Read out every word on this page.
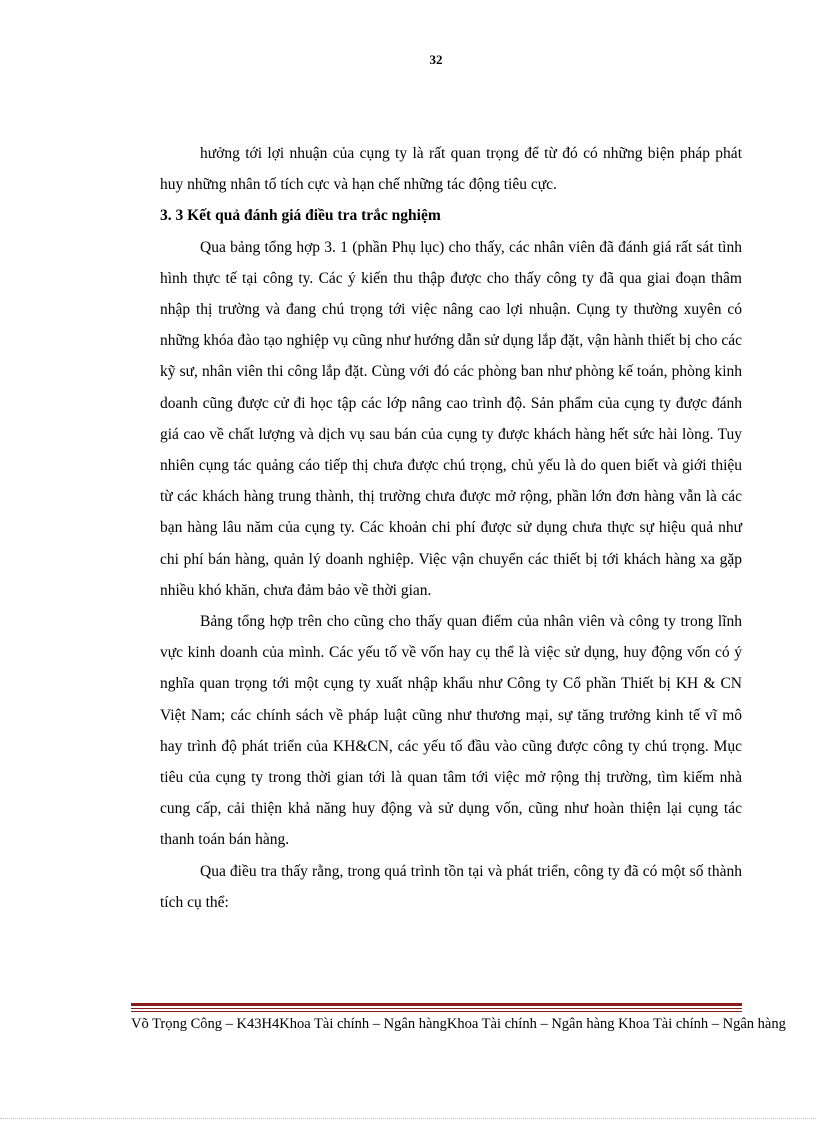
32

hưởng tới lợi nhuận của cụng ty là rất quan trọng để từ đó có những biện pháp phát huy những nhân tố tích cực và hạn chế những tác động tiêu cực.

3. 3 Kết quả đánh giá điều tra trắc nghiệm

Qua bảng tổng hợp 3. 1 (phần Phụ lục) cho thấy, các nhân viên đã đánh giá rất sát tình hình thực tế tại công ty. Các ý kiến thu thập được cho thấy công ty đã qua giai đoạn thâm nhập thị trường và đang chú trọng tới việc nâng cao lợi nhuận. Cụng ty thường xuyên có những khóa đào tạo nghiệp vụ cũng như hướng dẫn sử dụng lắp đặt, vận hành thiết bị cho các kỹ sư, nhân viên thi công lắp đặt. Cùng với đó các phòng ban như phòng kế toán, phòng kinh doanh cũng được cử đi học tập các lớp nâng cao trình độ. Sản phẩm của cụng ty được đánh giá cao về chất lượng và dịch vụ sau bán của cụng ty được khách hàng hết sức hài lòng. Tuy nhiên cụng tác quảng cáo tiếp thị chưa được chú trọng, chủ yếu là do quen biết và giới thiệu từ các khách hàng trung thành, thị trường chưa được mở rộng, phần lớn đơn hàng vẫn là các bạn hàng lâu năm của cụng ty. Các khoản chi phí được sử dụng chưa thực sự hiệu quả như chi phí bán hàng, quản lý doanh nghiệp. Việc vận chuyển các thiết bị tới khách hàng xa gặp nhiều khó khăn, chưa đảm bảo về thời gian.

Bảng tổng hợp trên cho cũng cho thấy quan điểm của nhân viên và công ty trong lĩnh vực kinh doanh của mình. Các yếu tố về vốn hay cụ thể là việc sử dụng, huy động vốn có ý nghĩa quan trọng tới một cụng ty xuất nhập khẩu như Công ty Cổ phần Thiết bị KH & CN Việt Nam; các chính sách về pháp luật cũng như thương mại, sự tăng trưởng kinh tế vĩ mô hay trình độ phát triển của KH&CN, các yếu tố đầu vào cũng được công ty chú trọng. Mục tiêu của cụng ty trong thời gian tới là quan tâm tới việc mở rộng thị trường, tìm kiếm nhà cung cấp, cải thiện khả năng huy động và sử dụng vốn, cũng như hoàn thiện lại cụng tác thanh toán bán hàng.

Qua điều tra thấy rằng, trong quá trình tồn tại và phát triển, công ty đã có một số thành tích cụ thể:

Võ Trọng Công – K43H4Khoa Tài chính – Ngân hàngKhoa Tài chính – Ngân hàng Khoa Tài chính – Ngân hàng
